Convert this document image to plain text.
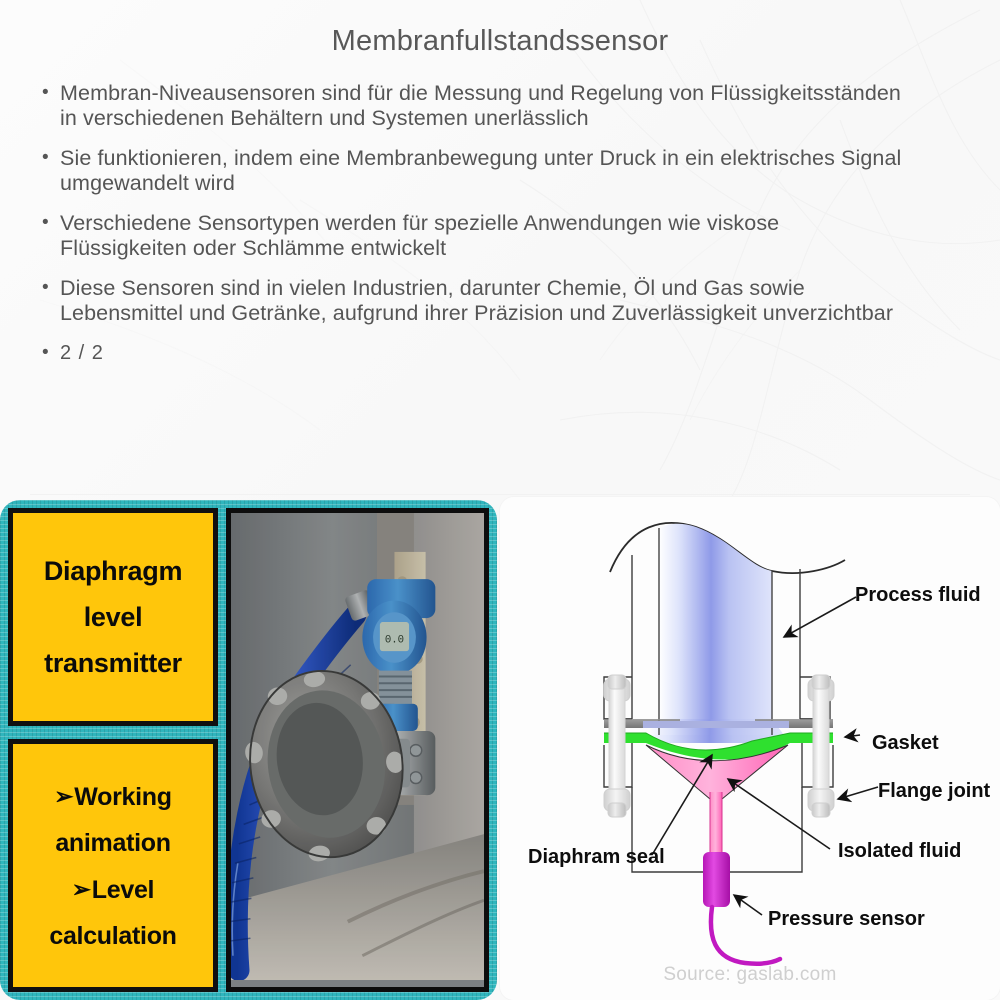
Membranfullstandssensor
• Membran-Niveausensoren sind für die Messung und Regelung von Flüssigkeitsständen in verschiedenen Behältern und Systemen unerlässlich
• Sie funktionieren, indem eine Membranbewegung unter Druck in ein elektrisches Signal umgewandelt wird
• Verschiedene Sensortypen werden für spezielle Anwendungen wie viskose Flüssigkeiten oder Schlämme entwickelt
• Diese Sensoren sind in vielen Industrien, darunter Chemie, Öl und Gas sowie Lebensmittel und Getränke, aufgrund ihrer Präzision und Zuverlässigkeit unverzichtbar
• 2 / 2
Diaphragm
level
transmitter
➢Working
animation
➢Level
calculation
0.0
Process fluid
Gasket
Flange joint
Isolated fluid
Diaphram seal
Pressure sensor
Source: gaslab.com
